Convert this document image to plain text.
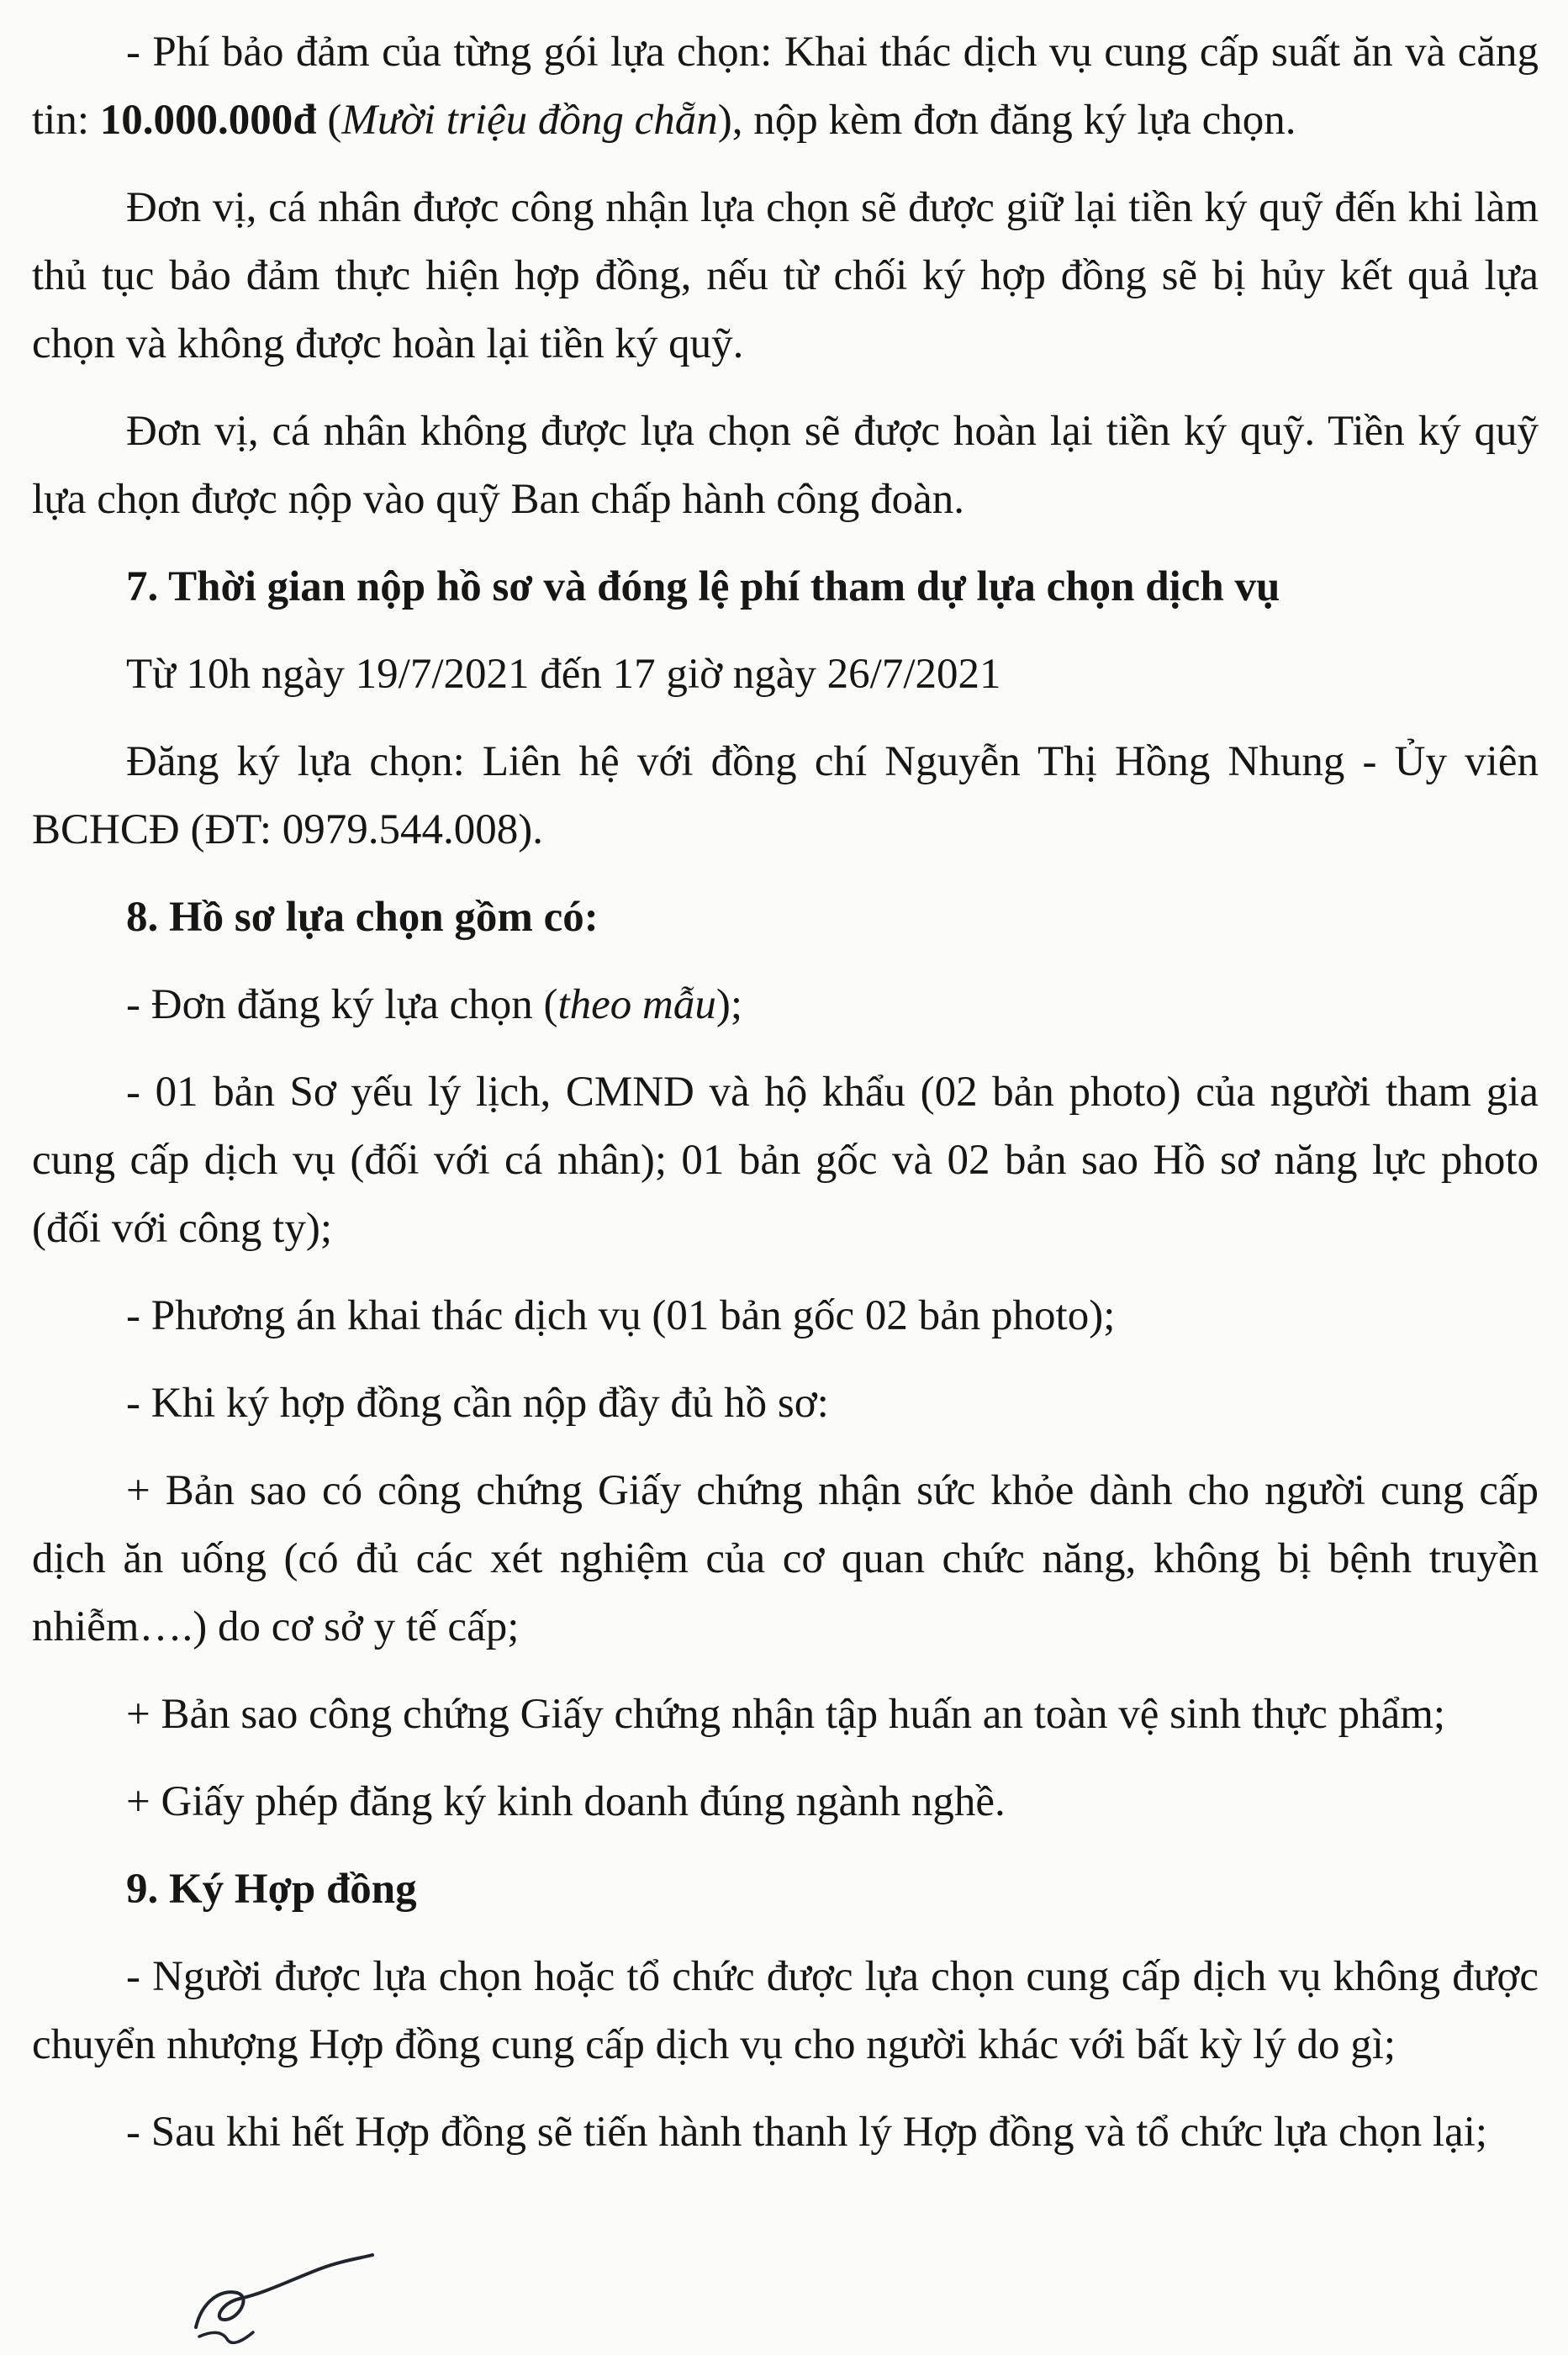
- Phí bảo đảm của từng gói lựa chọn: Khai thác dịch vụ cung cấp suất ăn và căng tin: 10.000.000đ (Mười triệu đồng chẵn), nộp kèm đơn đăng ký lựa chọn.

Đơn vị, cá nhân được công nhận lựa chọn sẽ được giữ lại tiền ký quỹ đến khi làm thủ tục bảo đảm thực hiện hợp đồng, nếu từ chối ký hợp đồng sẽ bị hủy kết quả lựa chọn và không được hoàn lại tiền ký quỹ.

Đơn vị, cá nhân không được lựa chọn sẽ được hoàn lại tiền ký quỹ. Tiền ký quỹ lựa chọn được nộp vào quỹ Ban chấp hành công đoàn.

7. Thời gian nộp hồ sơ và đóng lệ phí tham dự lựa chọn dịch vụ

Từ 10h ngày 19/7/2021 đến 17 giờ ngày 26/7/2021

Đăng ký lựa chọn: Liên hệ với đồng chí Nguyễn Thị Hồng Nhung - Ủy viên BCHCĐ (ĐT: 0979.544.008).

8. Hồ sơ lựa chọn gồm có:

- Đơn đăng ký lựa chọn (theo mẫu);

- 01 bản Sơ yếu lý lịch, CMND và hộ khẩu (02 bản photo) của người tham gia cung cấp dịch vụ (đối với cá nhân); 01 bản gốc và 02 bản sao Hồ sơ năng lực photo (đối với công ty);

- Phương án khai thác dịch vụ (01 bản gốc 02 bản photo);

- Khi ký hợp đồng cần nộp đầy đủ hồ sơ:

+ Bản sao có công chứng Giấy chứng nhận sức khỏe dành cho người cung cấp dịch ăn uống (có đủ các xét nghiệm của cơ quan chức năng, không bị bệnh truyền nhiễm….) do cơ sở y tế cấp;

+ Bản sao công chứng Giấy chứng nhận tập huấn an toàn vệ sinh thực phẩm;

+ Giấy phép đăng ký kinh doanh đúng ngành nghề.

9. Ký Hợp đồng

- Người được lựa chọn hoặc tổ chức được lựa chọn cung cấp dịch vụ không được chuyển nhượng Hợp đồng cung cấp dịch vụ cho người khác với bất kỳ lý do gì;

- Sau khi hết Hợp đồng sẽ tiến hành thanh lý Hợp đồng và tổ chức lựa chọn lại;
